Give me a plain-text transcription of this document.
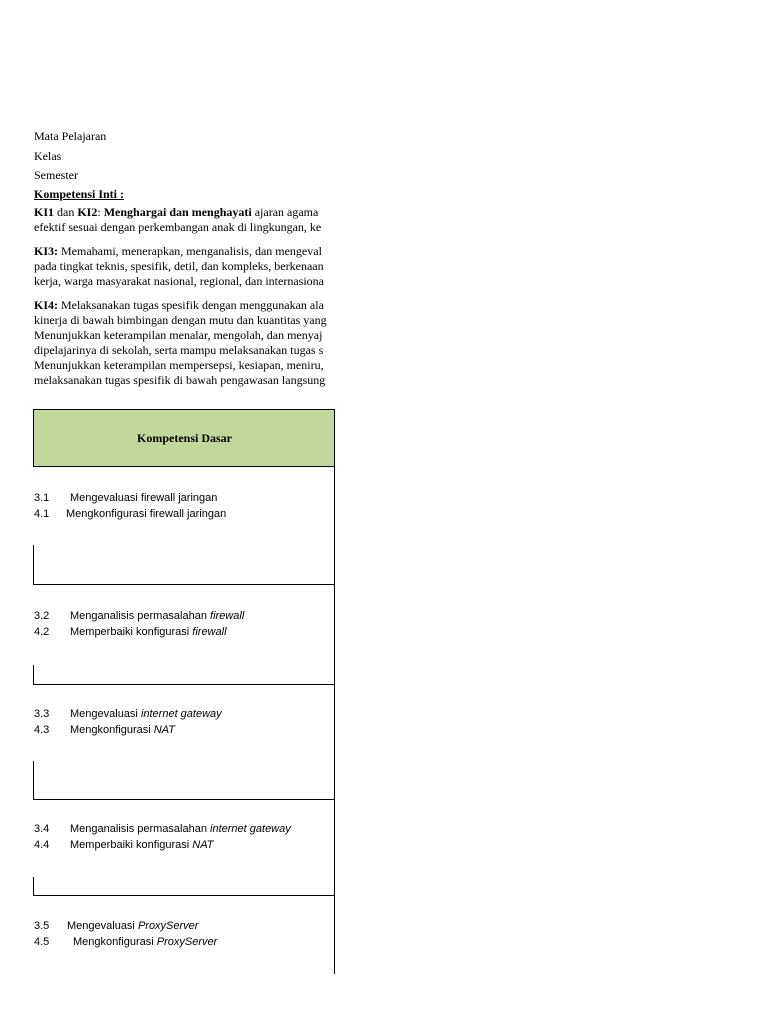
Mata Pelajaran
Kelas
Semester
Kompetensi Inti :
KI1 dan KI2: Menghargai dan menghayati ajaran agama
efektif sesuai dengan perkembangan anak di lingkungan, ke
KI3: Memahami, menerapkan, menganalisis, dan mengeval
pada tingkat teknis, spesifik, detil, dan kompleks, berkenaan
kerja, warga masyarakat nasional, regional, dan internasiona
KI4: Melaksanakan tugas spesifik dengan menggunakan ala
kinerja di bawah bimbingan dengan mutu dan kuantitas yang
Menunjukkan keterampilan menalar, mengolah, dan menyaj
dipelajarinya di sekolah, serta mampu melaksanakan tugas s
Menunjukkan keterampilan mempersepsi, kesiapan, meniru,
melaksanakan tugas spesifik di bawah pengawasan langsung
Kompetensi Dasar
3.1 Mengevaluasi firewall jaringan
4.1 Mengkonfigurasi firewall jaringan
3.2 Menganalisis permasalahan firewall
4.2 Memperbaiki konfigurasi firewall
3.3 Mengevaluasi internet gateway
4.3 Mengkonfigurasi NAT
3.4 Menganalisis permasalahan internet gateway
4.4 Memperbaiki konfigurasi NAT
3.5 Mengevaluasi ProxyServer
4.5 Mengkonfigurasi ProxyServer
